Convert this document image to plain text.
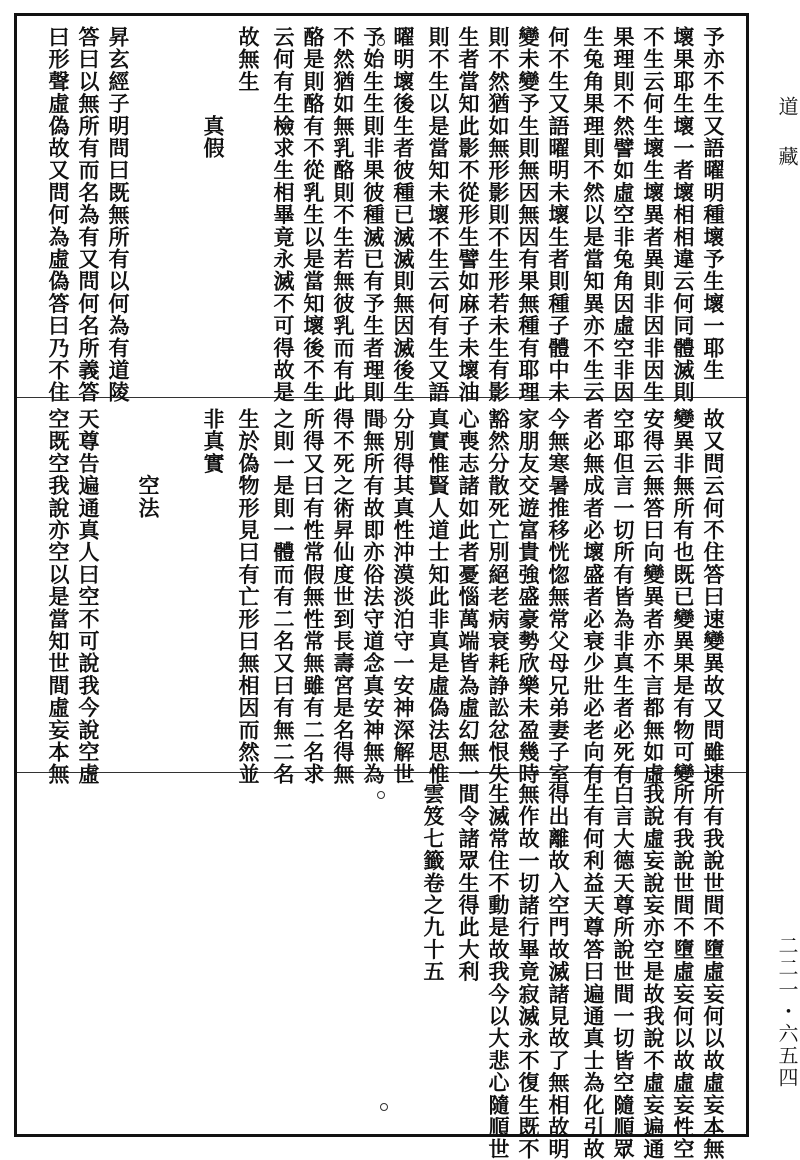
道藏
二二一・六五四
予亦不生又語曜明種壞予生壞一耶生
壞果耶生壞一者壞相相違云何同體滅則
不生云何生壞生壞異者異則非因非因生
果理則不然譬如虛空非兔角因虛空非因
生兔角果理則不然以是當知異亦不生云
何不生又語曜明未壞生者則種子體中未
變未變予生則無因無因有果無種有耶理
則不然猶如無形影則不生形若未生有影
生者當知此影不從形生譬如麻子未壞油
則不生以是當知未壞不生云何有生又語
曜明壞後生者彼種已滅滅則無因滅後生
予始生生則非果彼種滅已有予生者理則
不然猶如無乳酪則不生若無彼乳而有此
酪是則酪有不從乳生以是當知壞後不生
云何有生檢求生相畢竟永滅不可得故是
故無生
　　　　真假
昇玄經子明問曰既無所有以何為有道陵
答曰以無所有而名為有又問何名所義答
曰形聲虛偽故又問何為虛偽答曰乃不住
故又問云何不住答曰速變異故又問雖速
變異非無所有也既已變異果是有物可變
安得云無答曰向變異者亦不言都無如虛
空耶但言一切所有皆為非真生者必死有
者必無成者必壞盛者必衰少壯必老向有
今無寒暑推移恍惚無常父母兄弟妻子室
家朋友交遊富貴強盛豪勢欣樂未盈幾時
豁然分散死亡別絕老病衰耗諍訟忿恨失
心喪志諸如此者憂惱萬端皆為虛幻無一
真實惟賢人道士知此非真是虛偽法思惟
分別得其真性沖漠淡泊守一安神深解世
間無所有故即亦俗法守道念真安神無為
得不死之術昇仙度世到長壽宮是名得無
所得又曰有性常假無性常無雖有二名求
之則一是則一體而有二名又曰有無二名
生於偽物形見曰有亡形曰無相因而然並
非真實
　　　空法
天尊告遍通真人曰空不可說我今說空虛
空既空我說亦空以是當知世間虛妄本無
所有我說世間不墮虛妄何以故虛妄本無
所有我說世間不墮虛妄何以故虛妄性空
我說虛妄說妄亦空是故我說不虛妄遍通
白言大德天尊所說世間一切皆空隨順眾
生有何利益天尊答曰遍通真士為化引故
得出離故入空門故滅諸見故了無相故明
無作故一切諸行畢竟寂滅永不復生既不
生滅常住不動是故我今以大悲心隨順世
間令諸眾生得此大利
雲笈七籤卷之九十五
